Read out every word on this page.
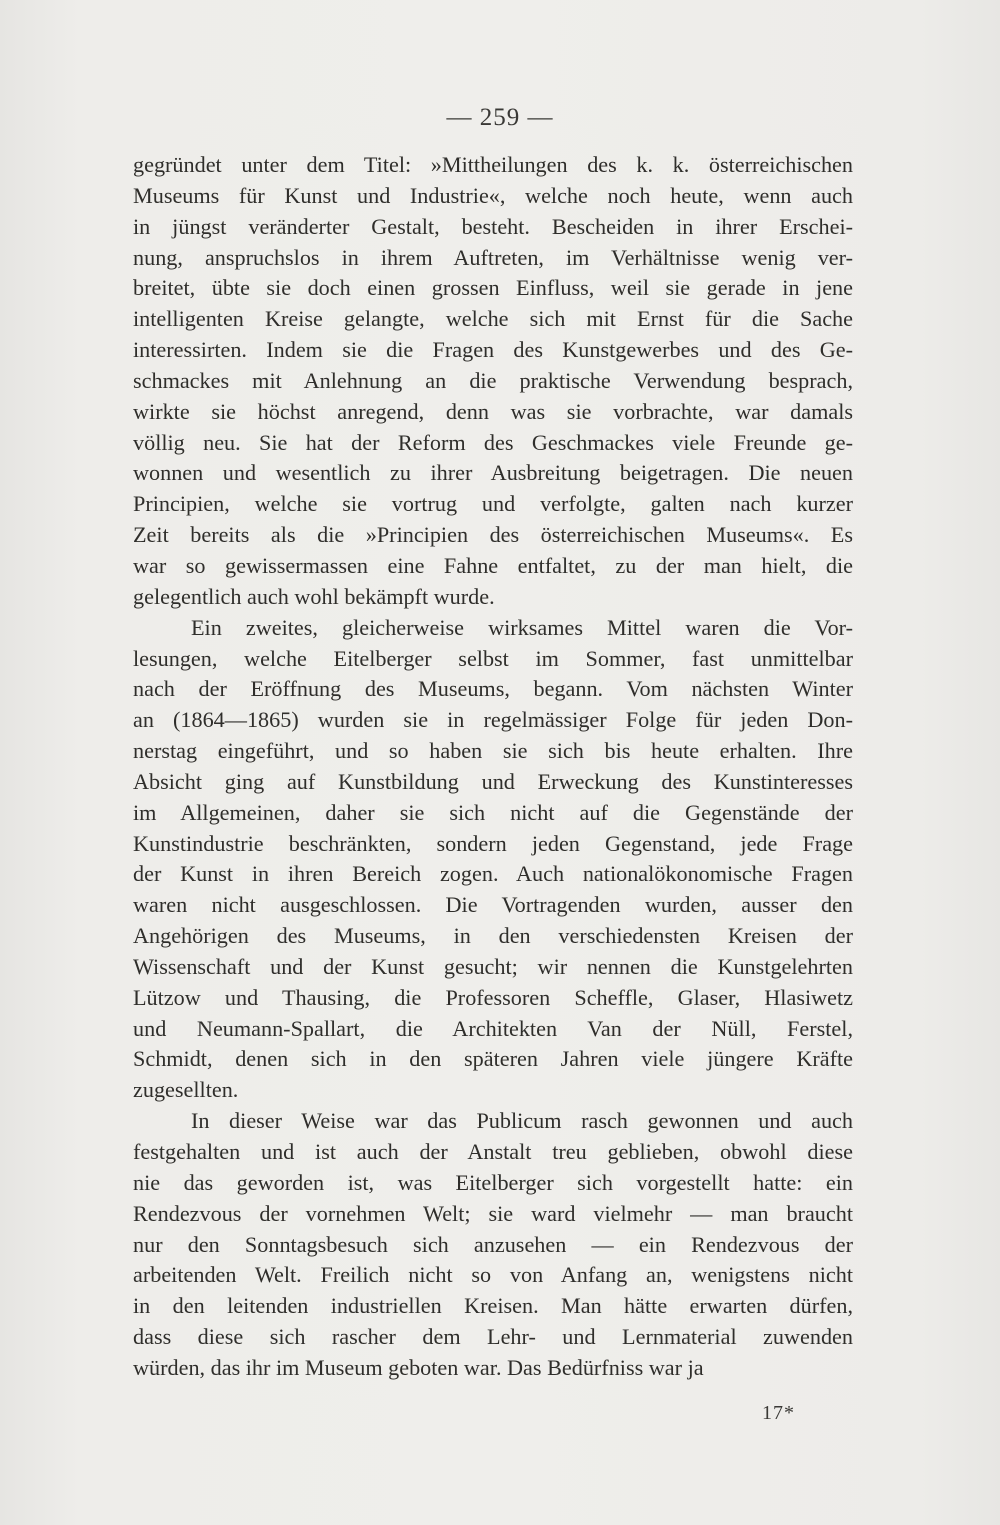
— 259 —
gegründet unter dem Titel: »Mittheilungen des k. k. österreichischen
Museums für Kunst und Industrie«, welche noch heute, wenn auch
in jüngst veränderter Gestalt, besteht. Bescheiden in ihrer Erschei-
nung, anspruchslos in ihrem Auftreten, im Verhältnisse wenig ver-
breitet, übte sie doch einen grossen Einfluss, weil sie gerade in jene
intelligenten Kreise gelangte, welche sich mit Ernst für die Sache
interessirten. Indem sie die Fragen des Kunstgewerbes und des Ge-
schmackes mit Anlehnung an die praktische Verwendung besprach,
wirkte sie höchst anregend, denn was sie vorbrachte, war damals
völlig neu. Sie hat der Reform des Geschmackes viele Freunde ge-
wonnen und wesentlich zu ihrer Ausbreitung beigetragen. Die neuen
Principien, welche sie vortrug und verfolgte, galten nach kurzer
Zeit bereits als die »Principien des österreichischen Museums«. Es
war so gewissermassen eine Fahne entfaltet, zu der man hielt, die
gelegentlich auch wohl bekämpft wurde.
Ein zweites, gleicherweise wirksames Mittel waren die Vor-
lesungen, welche Eitelberger selbst im Sommer, fast unmittelbar
nach der Eröffnung des Museums, begann. Vom nächsten Winter
an (1864—1865) wurden sie in regelmässiger Folge für jeden Don-
nerstag eingeführt, und so haben sie sich bis heute erhalten. Ihre
Absicht ging auf Kunstbildung und Erweckung des Kunstinteresses
im Allgemeinen, daher sie sich nicht auf die Gegenstände der
Kunstindustrie beschränkten, sondern jeden Gegenstand, jede Frage
der Kunst in ihren Bereich zogen. Auch nationalökonomische Fragen
waren nicht ausgeschlossen. Die Vortragenden wurden, ausser den
Angehörigen des Museums, in den verschiedensten Kreisen der
Wissenschaft und der Kunst gesucht; wir nennen die Kunstgelehrten
Lützow und Thausing, die Professoren Scheffle, Glaser, Hlasiwetz
und Neumann-Spallart, die Architekten Van der Nüll, Ferstel,
Schmidt, denen sich in den späteren Jahren viele jüngere Kräfte
zugesellten.
In dieser Weise war das Publicum rasch gewonnen und auch
festgehalten und ist auch der Anstalt treu geblieben, obwohl diese
nie das geworden ist, was Eitelberger sich vorgestellt hatte: ein
Rendezvous der vornehmen Welt; sie ward vielmehr — man braucht
nur den Sonntagsbesuch sich anzusehen — ein Rendezvous der
arbeitenden Welt. Freilich nicht so von Anfang an, wenigstens nicht
in den leitenden industriellen Kreisen. Man hätte erwarten dürfen,
dass diese sich rascher dem Lehr- und Lernmaterial zuwenden
würden, das ihr im Museum geboten war. Das Bedürfniss war ja
17*
